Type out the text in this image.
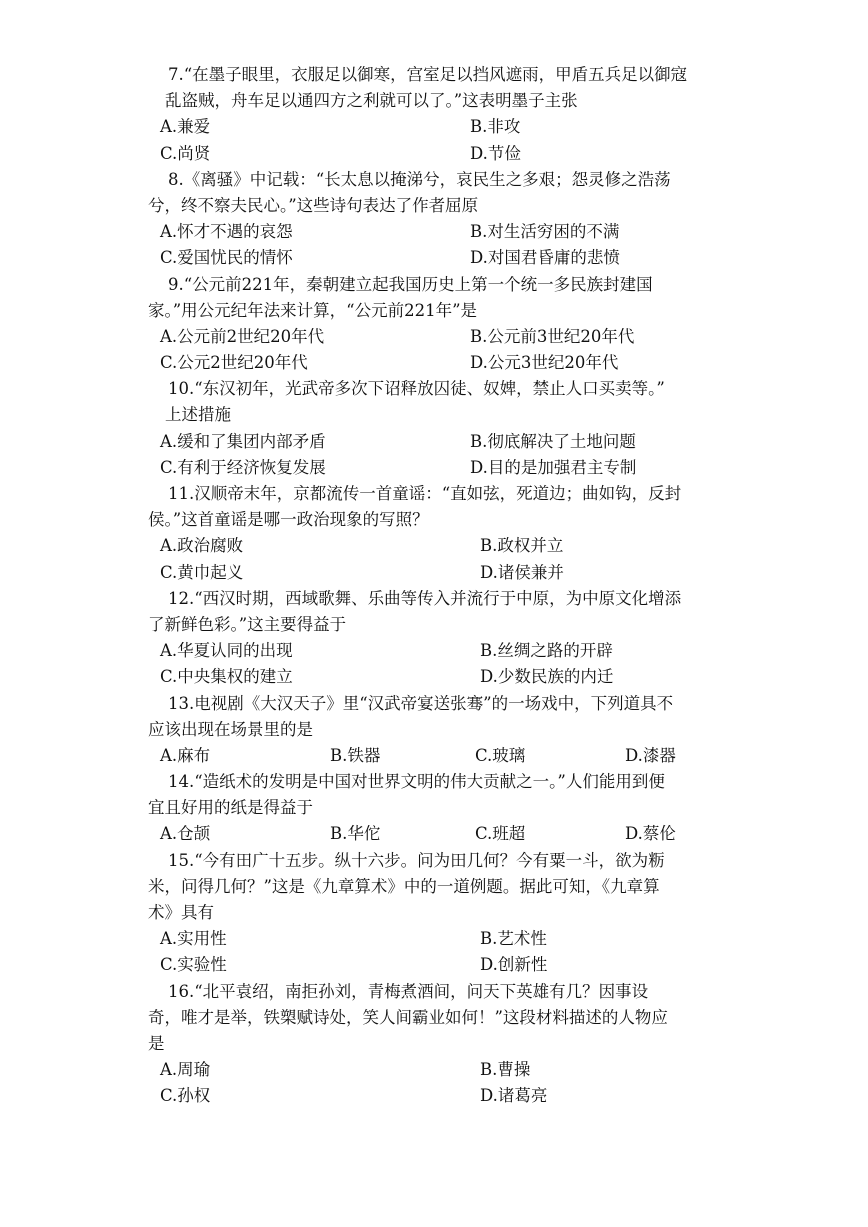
7.“在墨子眼里，衣服足以御寒，宫室足以挡风遮雨，甲盾五兵足以御寇
乱盗贼，舟车足以通四方之利就可以了。”这表明墨子主张
A.兼爱	B.非攻
C.尚贤	D.节俭
8.《离骚》中记载：“长太息以掩涕兮，哀民生之多艰；怨灵修之浩荡
兮，终不察夫民心。”这些诗句表达了作者屈原
A.怀才不遇的哀怨	B.对生活穷困的不满
C.爱国忧民的情怀	D.对国君昏庸的悲愤
9.“公元前221年，秦朝建立起我国历史上第一个统一多民族封建国
家。”用公元纪年法来计算，“公元前221年”是
A.公元前2世纪20年代	B.公元前3世纪20年代
C.公元2世纪20年代	D.公元3世纪20年代
10.“东汉初年，光武帝多次下诏释放囚徒、奴婢，禁止人口买卖等。”
上述措施
A.缓和了集团内部矛盾	B.彻底解决了土地问题
C.有利于经济恢复发展	D.目的是加强君主专制
11.汉顺帝末年，京都流传一首童谣：“直如弦，死道边；曲如钩，反封
侯。”这首童谣是哪一政治现象的写照？
A.政治腐败	B.政权并立
C.黄巾起义	D.诸侯兼并
12.“西汉时期，西域歌舞、乐曲等传入并流行于中原，为中原文化增添
了新鲜色彩。”这主要得益于
A.华夏认同的出现	B.丝绸之路的开辟
C.中央集权的建立	D.少数民族的内迁
13.电视剧《大汉天子》里“汉武帝宴送张骞”的一场戏中，下列道具不
应该出现在场景里的是
A.麻布	B.铁器	C.玻璃	D.漆器
14.“造纸术的发明是中国对世界文明的伟大贡献之一。”人们能用到便
宜且好用的纸是得益于
A.仓颉	B.华佗	C.班超	D.蔡伦
15.“今有田广十五步。纵十六步。问为田几何？今有粟一斗，欲为粝
米，问得几何？”这是《九章算术》中的一道例题。据此可知，《九章算
术》具有
A.实用性	B.艺术性
C.实验性	D.创新性
16.“北平袁绍，南拒孙刘，青梅煮酒间，问天下英雄有几？因事设
奇，唯才是举，铁槊赋诗处，笑人间霸业如何！”这段材料描述的人物应
是
A.周瑜	B.曹操
C.孙权	D.诸葛亮
